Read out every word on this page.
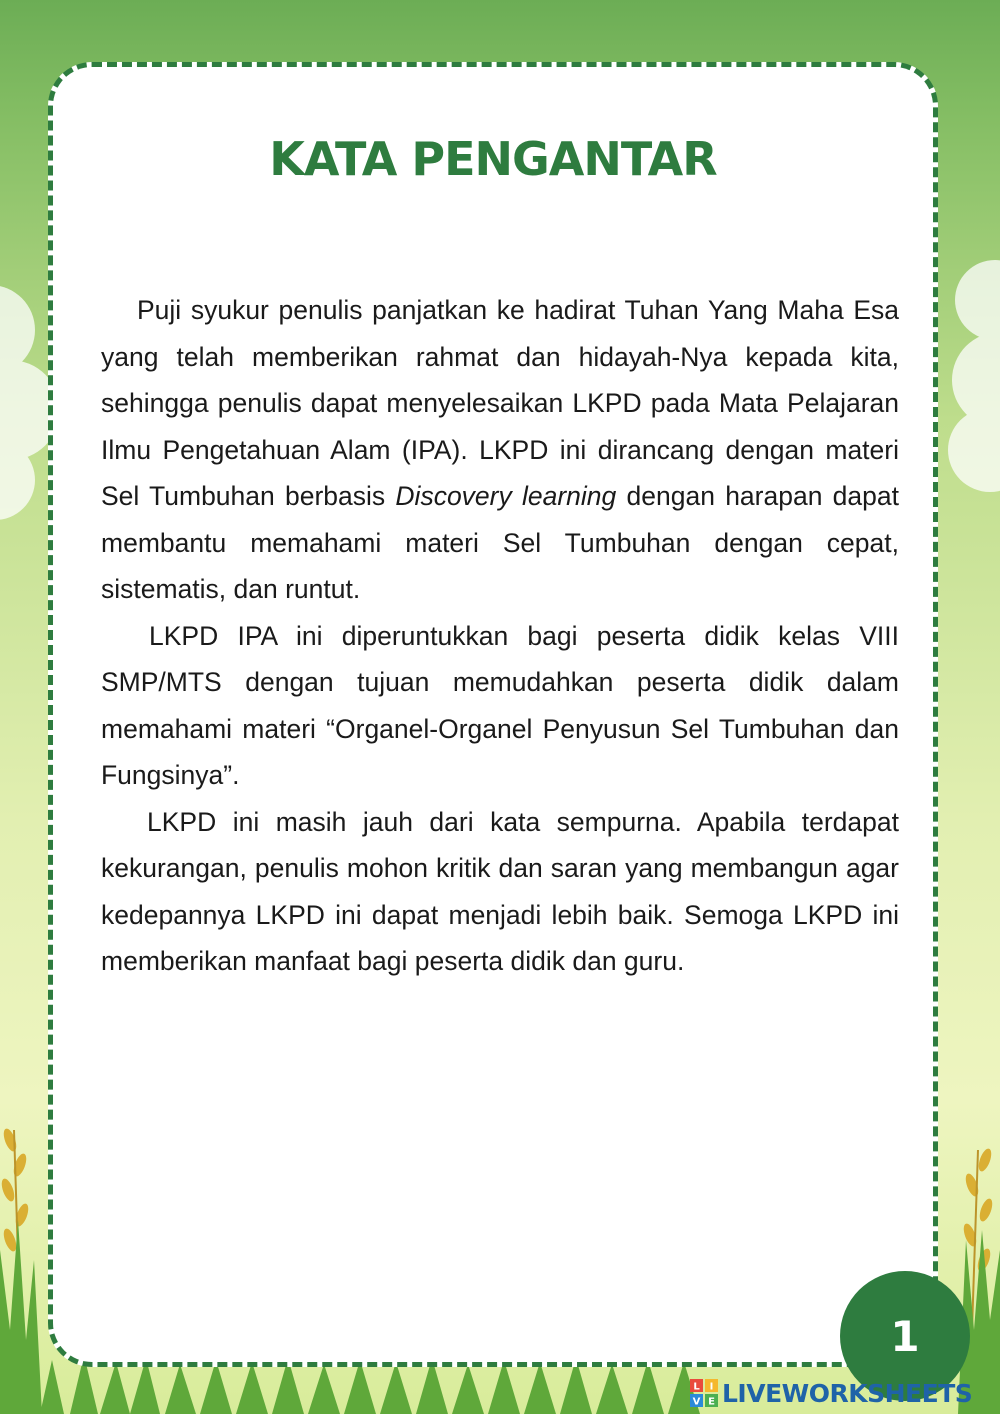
KATA PENGANTAR

Puji syukur penulis panjatkan ke hadirat Tuhan Yang Maha Esa yang telah memberikan rahmat dan hidayah-Nya kepada kita, sehingga penulis dapat menyelesaikan LKPD pada Mata Pelajaran Ilmu Pengetahuan Alam (IPA). LKPD ini dirancang dengan materi Sel Tumbuhan berbasis Discovery learning dengan harapan dapat membantu memahami materi Sel Tumbuhan dengan cepat, sistematis, dan runtut.

LKPD IPA ini diperuntukkan bagi peserta didik kelas VIII SMP/MTS dengan tujuan memudahkan peserta didik dalam memahami materi “Organel-Organel Penyusun Sel Tumbuhan dan Fungsinya”.

LKPD ini masih jauh dari kata sempurna. Apabila terdapat kekurangan, penulis mohon kritik dan saran yang membangun agar kedepannya LKPD ini dapat menjadi lebih baik. Semoga LKPD ini memberikan manfaat bagi peserta didik dan guru.

1
L I
V E LIVEWORKSHEETS
